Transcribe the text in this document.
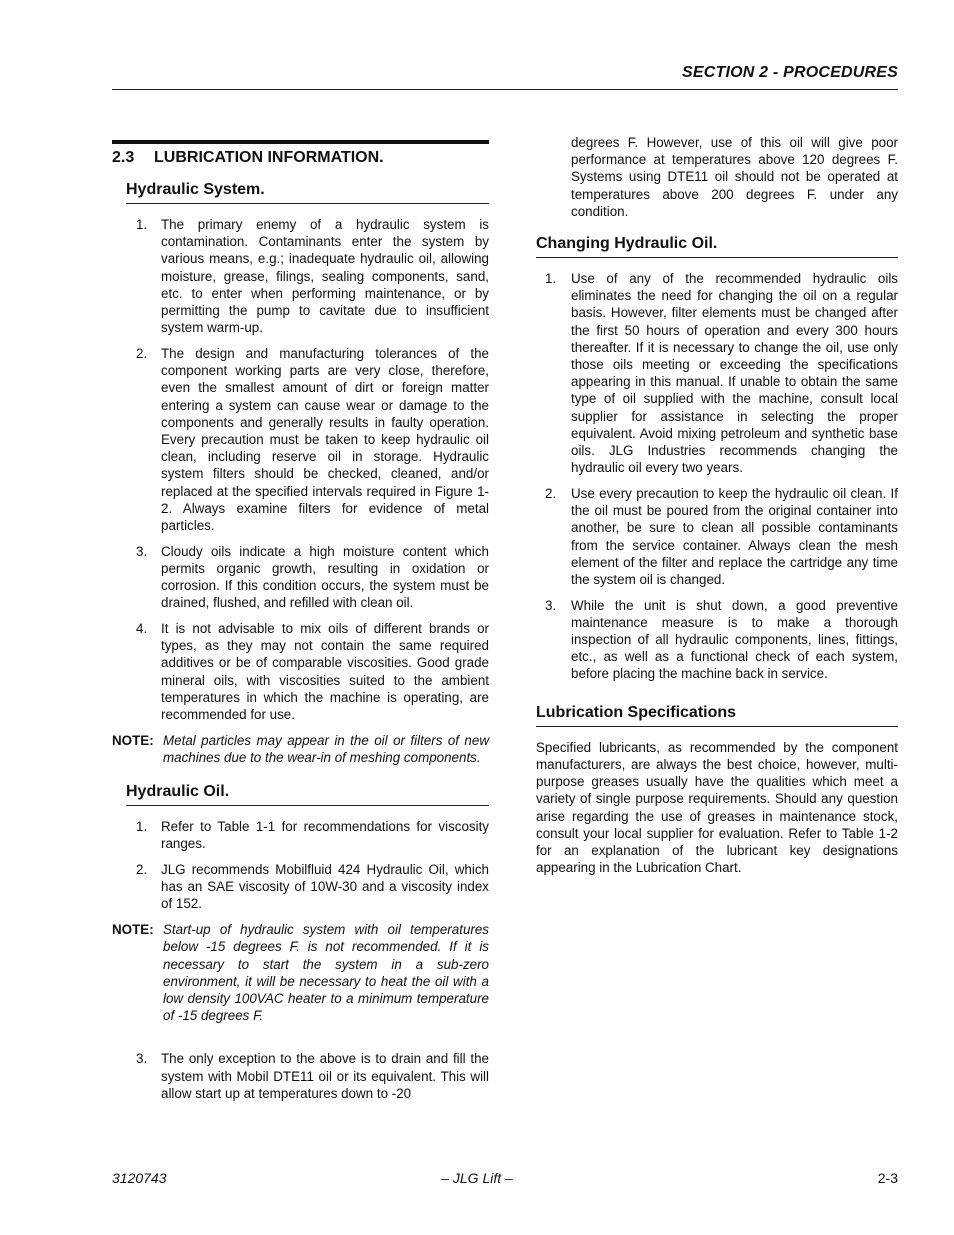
SECTION 2 - PROCEDURES
2.3 LUBRICATION INFORMATION.
Hydraulic System.
1. The primary enemy of a hydraulic system is contamination. Contaminants enter the system by various means, e.g.; inadequate hydraulic oil, allowing moisture, grease, filings, sealing components, sand, etc. to enter when performing maintenance, or by permitting the pump to cavitate due to insufficient system warm-up.
2. The design and manufacturing tolerances of the component working parts are very close, therefore, even the smallest amount of dirt or foreign matter entering a system can cause wear or damage to the components and generally results in faulty operation. Every precaution must be taken to keep hydraulic oil clean, including reserve oil in storage. Hydraulic system filters should be checked, cleaned, and/or replaced at the specified intervals required in Figure 1-2. Always examine filters for evidence of metal particles.
3. Cloudy oils indicate a high moisture content which permits organic growth, resulting in oxidation or corrosion. If this condition occurs, the system must be drained, flushed, and refilled with clean oil.
4. It is not advisable to mix oils of different brands or types, as they may not contain the same required additives or be of comparable viscosities. Good grade mineral oils, with viscosities suited to the ambient temperatures in which the machine is operating, are recommended for use.
NOTE: Metal particles may appear in the oil or filters of new machines due to the wear-in of meshing components.
Hydraulic Oil.
1. Refer to Table 1-1 for recommendations for viscosity ranges.
2. JLG recommends Mobilfluid 424 Hydraulic Oil, which has an SAE viscosity of 10W-30 and a viscosity index of 152.
NOTE: Start-up of hydraulic system with oil temperatures below -15 degrees F. is not recommended. If it is necessary to start the system in a sub-zero environment, it will be necessary to heat the oil with a low density 100VAC heater to a minimum temperature of -15 degrees F.
3. The only exception to the above is to drain and fill the system with Mobil DTE11 oil or its equivalent. This will allow start up at temperatures down to -20

degrees F. However, use of this oil will give poor performance at temperatures above 120 degrees F. Systems using DTE11 oil should not be operated at temperatures above 200 degrees F. under any condition.

Changing Hydraulic Oil.
1. Use of any of the recommended hydraulic oils eliminates the need for changing the oil on a regular basis. However, filter elements must be changed after the first 50 hours of operation and every 300 hours thereafter. If it is necessary to change the oil, use only those oils meeting or exceeding the specifications appearing in this manual. If unable to obtain the same type of oil supplied with the machine, consult local supplier for assistance in selecting the proper equivalent. Avoid mixing petroleum and synthetic base oils. JLG Industries recommends changing the hydraulic oil every two years.
2. Use every precaution to keep the hydraulic oil clean. If the oil must be poured from the original container into another, be sure to clean all possible contaminants from the service container. Always clean the mesh element of the filter and replace the cartridge any time the system oil is changed.
3. While the unit is shut down, a good preventive maintenance measure is to make a thorough inspection of all hydraulic components, lines, fittings, etc., as well as a functional check of each system, before placing the machine back in service.
Lubrication Specifications

Specified lubricants, as recommended by the component manufacturers, are always the best choice, however, multi-purpose greases usually have the qualities which meet a variety of single purpose requirements. Should any question arise regarding the use of greases in maintenance stock, consult your local supplier for evaluation. Refer to Table 1-2 for an explanation of the lubricant key designations appearing in the Lubrication Chart.

– JLG Lift –
3120743	2-3
